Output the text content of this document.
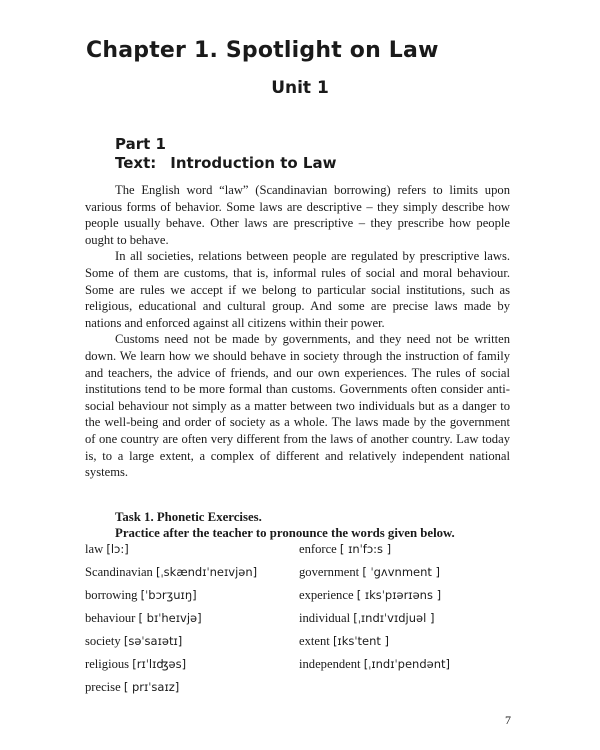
Chapter 1. Spotlight on Law
Unit 1
Part 1
Text: Introduction to Law

The English word “law” (Scandinavian borrowing) refers to limits upon various forms of behavior. Some laws are descriptive – they simply describe how people usually behave. Other laws are prescriptive – they prescribe how people ought to behave.

In all societies, relations between people are regulated by prescriptive laws. Some of them are customs, that is, informal rules of social and moral behaviour. Some are rules we accept if we belong to particular social institutions, such as religious, educational and cultural group. And some are precise laws made by nations and enforced against all citizens within their power.

Customs need not be made by governments, and they need not be written down. We learn how we should behave in society through the instruction of family and teachers, the advice of friends, and our own experiences. The rules of social institutions tend to be more formal than customs. Governments often consider anti-social behaviour not simply as a matter between two individuals but as a danger to the well-being and order of society as a whole. The laws made by the government of one country are often very different from the laws of another country. Law today is, to a large extent, a complex of different and relatively independent national systems.

Task 1. Phonetic Exercises.

Practice after the teacher to pronounce the words given below.

law [lɔ:]
Scandinavian [ˌskændɪˈneɪvjən]
borrowing [ˈbɔrʒuɪŋ]
behaviour [ bɪˈheɪvjə]
society [səˈsaɪətɪ]
religious [rɪˈlɪʤəs]
precise [ prɪˈsaɪz]
enforce [ ɪnˈfɔ:s ]
government [ ˈgʌvnment ]
experience [ ɪksˈpɪərɪəns ]
individual [ˌɪndɪˈvɪdjuəl ]
extent [ɪksˈtent ]
independent [ˌɪndɪˈpendənt]
7
